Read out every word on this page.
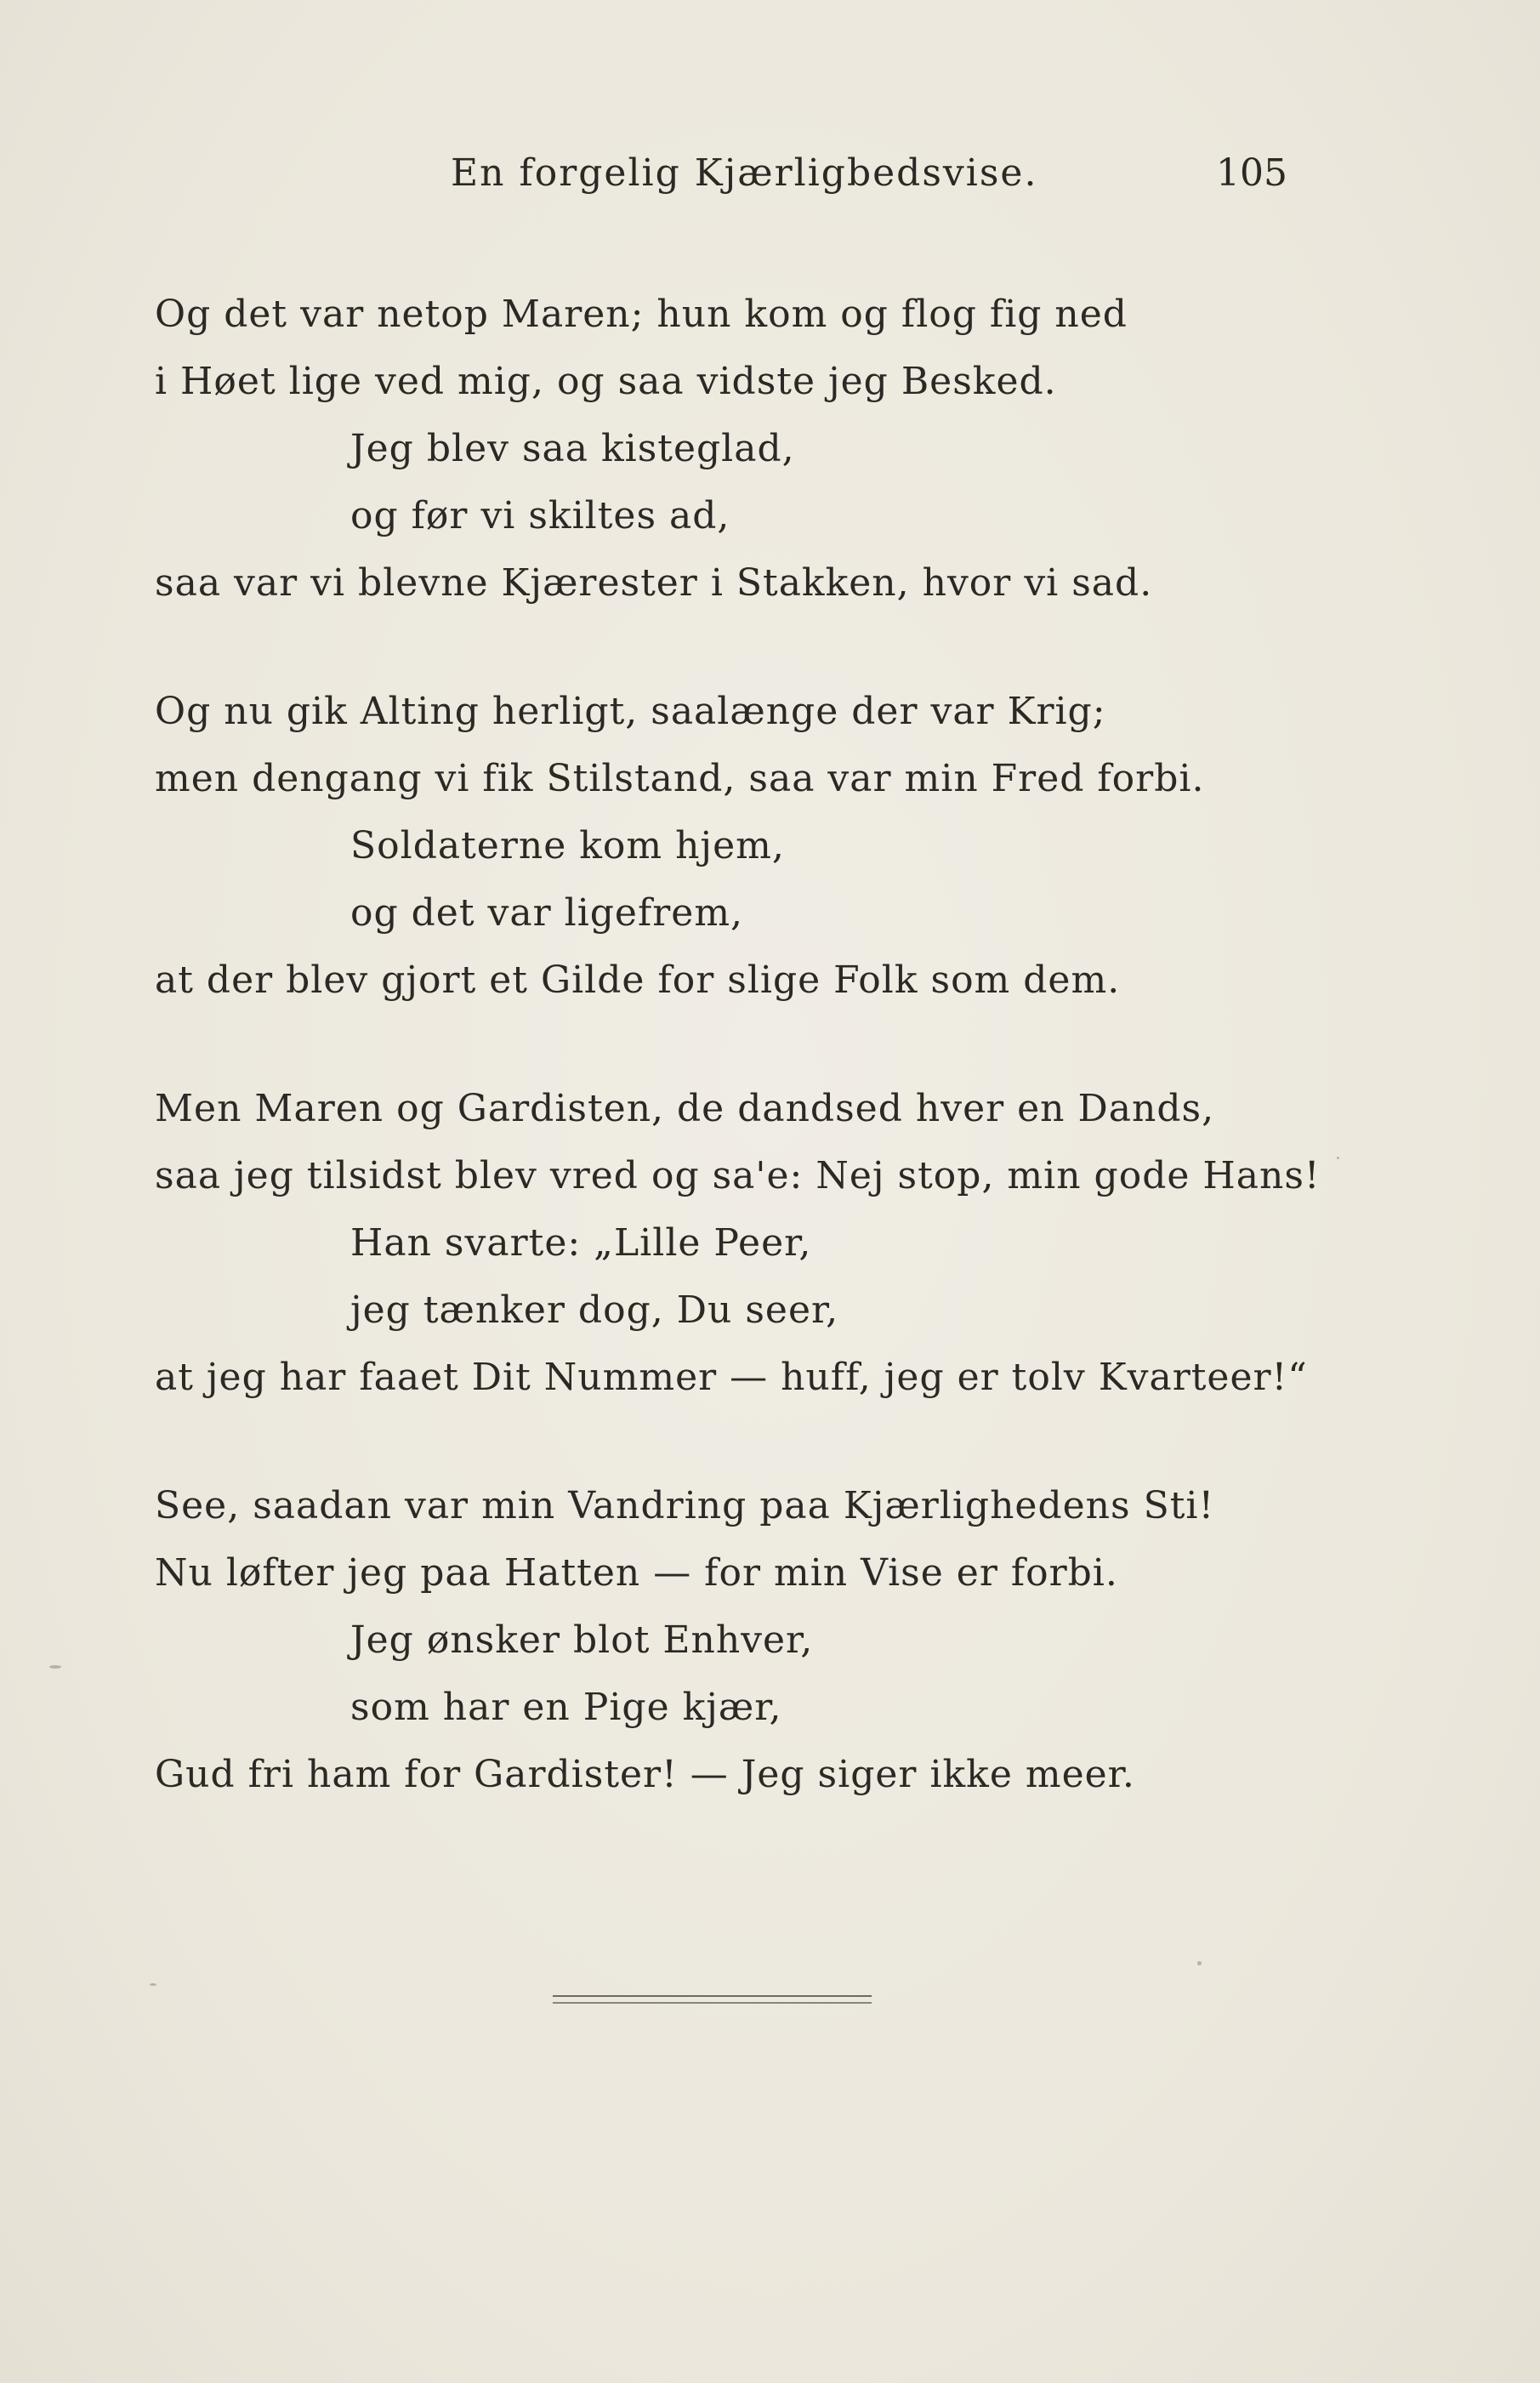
En forgelig Kjærligbedsvise.	105
Og det var netop Maren; hun kom og flog fig ned
i Høet lige ved mig, og saa vidste jeg Besked.
Jeg blev saa kisteglad,
og før vi skiltes ad,
saa var vi blevne Kjærester i Stakken, hvor vi sad.
Og nu gik Alting herligt, saalænge der var Krig;
men dengang vi fik Stilstand, saa var min Fred forbi.
Soldaterne kom hjem,
og det var ligefrem,
at der blev gjort et Gilde for slige Folk som dem.
Men Maren og Gardisten, de dandsed hver en Dands,
saa jeg tilsidst blev vred og sa'e: Nej stop, min gode Hans!
Han svarte: „Lille Peer,
jeg tænker dog, Du seer,
at jeg har faaet Dit Nummer — huff, jeg er tolv Kvarteer!“
See, saadan var min Vandring paa Kjærlighedens Sti!
Nu løfter jeg paa Hatten — for min Vise er forbi.
Jeg ønsker blot Enhver,
som har en Pige kjær,
Gud fri ham for Gardister! — Jeg siger ikke meer.
